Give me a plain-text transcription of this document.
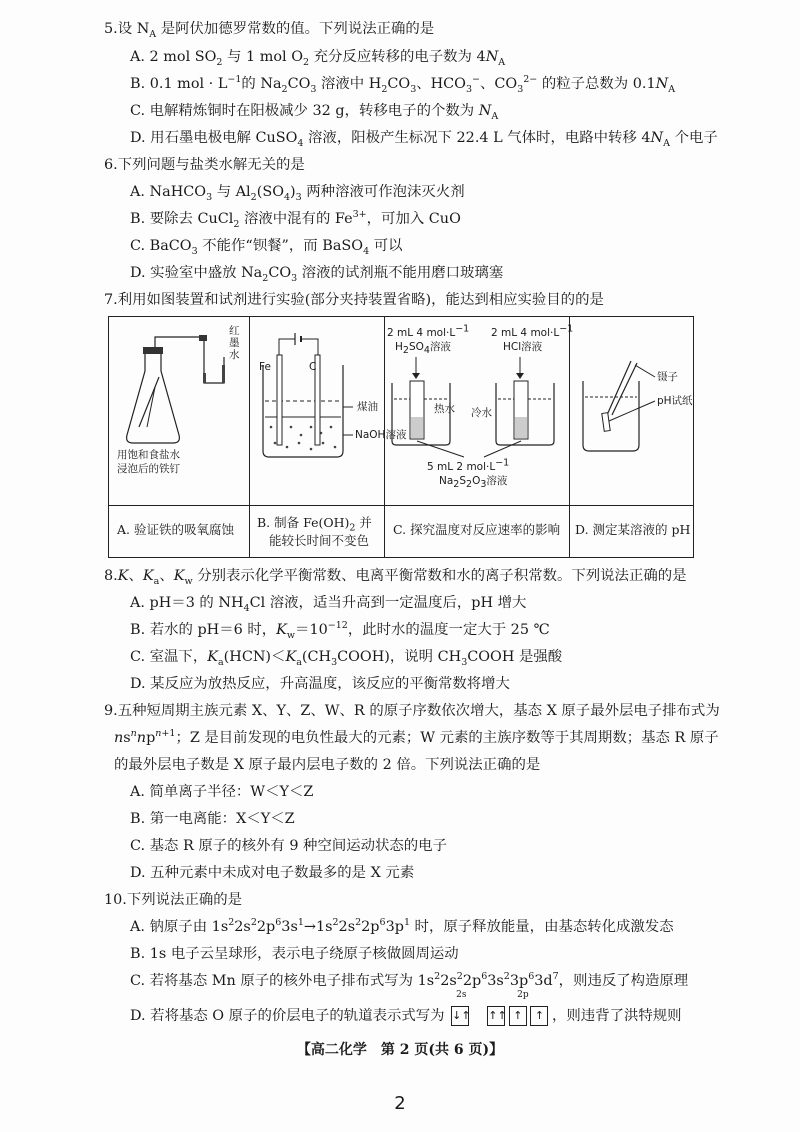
5.设 $N_A$ 是阿伏加德罗常数的值。下列说法正确的是
A. 2 mol $SO_2$ 与 1 mol $O_2$ 充分反应转移的电子数为 $4N_A$
B. 0.1 mol · $L^{-1}$的 $Na_2CO_3$ 溶液中 $H_2CO_3$、$HCO_3^-$、$CO_3^{2-}$ 的粒子总数为 $0.1N_A$
C. 电解精炼铜时在阳极减少 32 g，转移电子的个数为 $N_A$
D. 用石墨电极电解 CuSO$_4$ 溶液，阳极产生标况下 22.4 L 气体时，电路中转移 $4N_A$ 个电子
6.下列问题与盐类水解无关的是
A. NaHCO$_3$ 与 $Al_2(SO_4)_3$ 两种溶液可作泡沫灭火剂
B. 要除去 CuCl$_2$ 溶液中混有的 $Fe^{3+}$，可加入 CuO
C. BaCO$_3$ 不能作“钡餐”，而 BaSO$_4$ 可以
D. 实验室中盛放 $Na_2CO_3$ 溶液的试剂瓶不能用磨口玻璃塞
7.利用如图装置和试剂进行实验(部分夹持装置省略)，能达到相应实验目的的是
红墨水
用饱和食盐水
浸泡后的铁钉
Fe	C
煤油
NaOH溶液
2 mL 4 $mol\cdot L^{-1}$
$H_2SO_4$溶液
2 mL 4 $mol\cdot L^{-1}$
HCl溶液
热水 冷水
5 mL 2 $mol\cdot L^{-1}$
$Na_2S_2O_3$溶液
镊子
pH试纸
A. 验证铁的吸氧腐蚀 B. 制备 $Fe(OH)_2$ 并
能较长时间不变色
C. 探究温度对反应速率的影响 D. 测定某溶液的 pH
8.K、$K_a$、$K_w$ 分别表示化学平衡常数、电离平衡常数和水的离子积常数。下列说法正确的是
A. pH＝3 的 $NH_4Cl$ 溶液，适当升高到一定温度后，pH 增大
B. 若水的 pH＝6 时，$K_w=10^{-12}$，此时水的温度一定大于 25 ℃
C. 室温下，$K_a(HCN)<K_a(CH_3COOH)$，说明 $CH_3COOH$ 是强酸
D. 某反应为放热反应，升高温度，该反应的平衡常数将增大
9.五种短周期主族元素 X、Y、Z、W、R 的原子序数依次增大，基态 X 原子最外层电子排布式为
$ns^nnp^{n+1}$；Z 是目前发现的电负性最大的元素；W 元素的主族序数等于其周期数；基态 R 原子
的最外层电子数是 X 原子最内层电子数的 2 倍。下列说法正确的是
A. 简单离子半径：W＜Y＜Z
B. 第一电离能：X＜Y＜Z
C. 基态 R 原子的核外有 9 种空间运动状态的电子
D. 五种元素中未成对电子数最多的是 X 元素
10.下列说法正确的是
A. 钠原子由 $1s^22s^22p^63s^1\to 1s^22s^22p^63p^1$ 时，原子释放能量，由基态转化成激发态
B. 1s 电子云呈球形，表示电子绕原子核做圆周运动
C. 若将基态 Mn 原子的核外电子排布式写为 $1s^22s^22p^63s^23p^63d^7$，则违反了构造原理
D. 若将基态 O 原子的价层电子的轨道表示式写为
2s	2p
↓↑ ↑↑ ↑ ↑ ，则违背了洪特规则
【高二化学　第 2 页(共 6 页)】
2
